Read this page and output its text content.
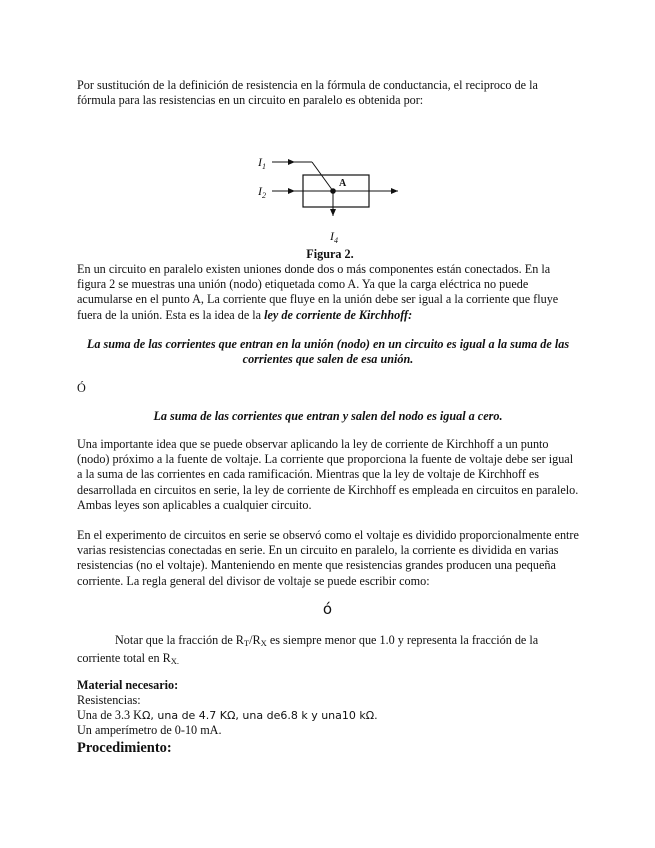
Por sustitución de la definición de resistencia en la fórmula de conductancia, el reciproco de la fórmula para las resistencias en un circuito en paralelo es obtenida por:

$I_1$
$I_2$
A
$I_4$
Figura 2.

En un circuito en paralelo existen uniones donde dos o más componentes están conectados. En la figura 2 se muestras una unión (nodo) etiquetada como A. Ya que la carga eléctrica no puede acumularse en el punto A, La corriente que fluye en la unión debe ser igual a la corriente que fluye fuera de la unión. Esta es la idea de la ley de corriente de Kirchhoff:

La suma de las corrientes que entran en la unión (nodo) en un circuito es igual a la suma de las corrientes que salen de esa unión.

Ó

La suma de las corrientes que entran y salen del nodo es igual a cero.

Una importante idea que se puede observar aplicando la ley de corriente de Kirchhoff a un punto (nodo) próximo a la fuente de voltaje. La corriente que proporciona la fuente de voltaje debe ser igual a la suma de las corrientes en cada ramificación. Mientras que la ley de voltaje de Kirchhoff es desarrollada en circuitos en serie, la ley de corriente de Kirchhoff es empleada en circuitos en paralelo. Ambas leyes son aplicables a cualquier circuito.

En el experimento de circuitos en serie se observó como el voltaje es dividido proporcionalmente entre varias resistencias conectadas en serie. En un circuito en paralelo, la corriente es dividida en varias resistencias (no el voltaje). Manteniendo en mente que resistencias grandes producen una pequeña corriente. La regla general del divisor de voltaje se puede escribir como:

ó

Notar que la fracción de $R_T/R_X$ es siempre menor que 1.0 y representa la fracción de la corriente total en $R_{X.}$

Material necesario:

Resistencias:

Una de 3.3 KΩ, una de 4.7 KΩ, una de6.8 k y una10 kΩ.

Un amperímetro de 0-10 mA.

Procedimiento:
